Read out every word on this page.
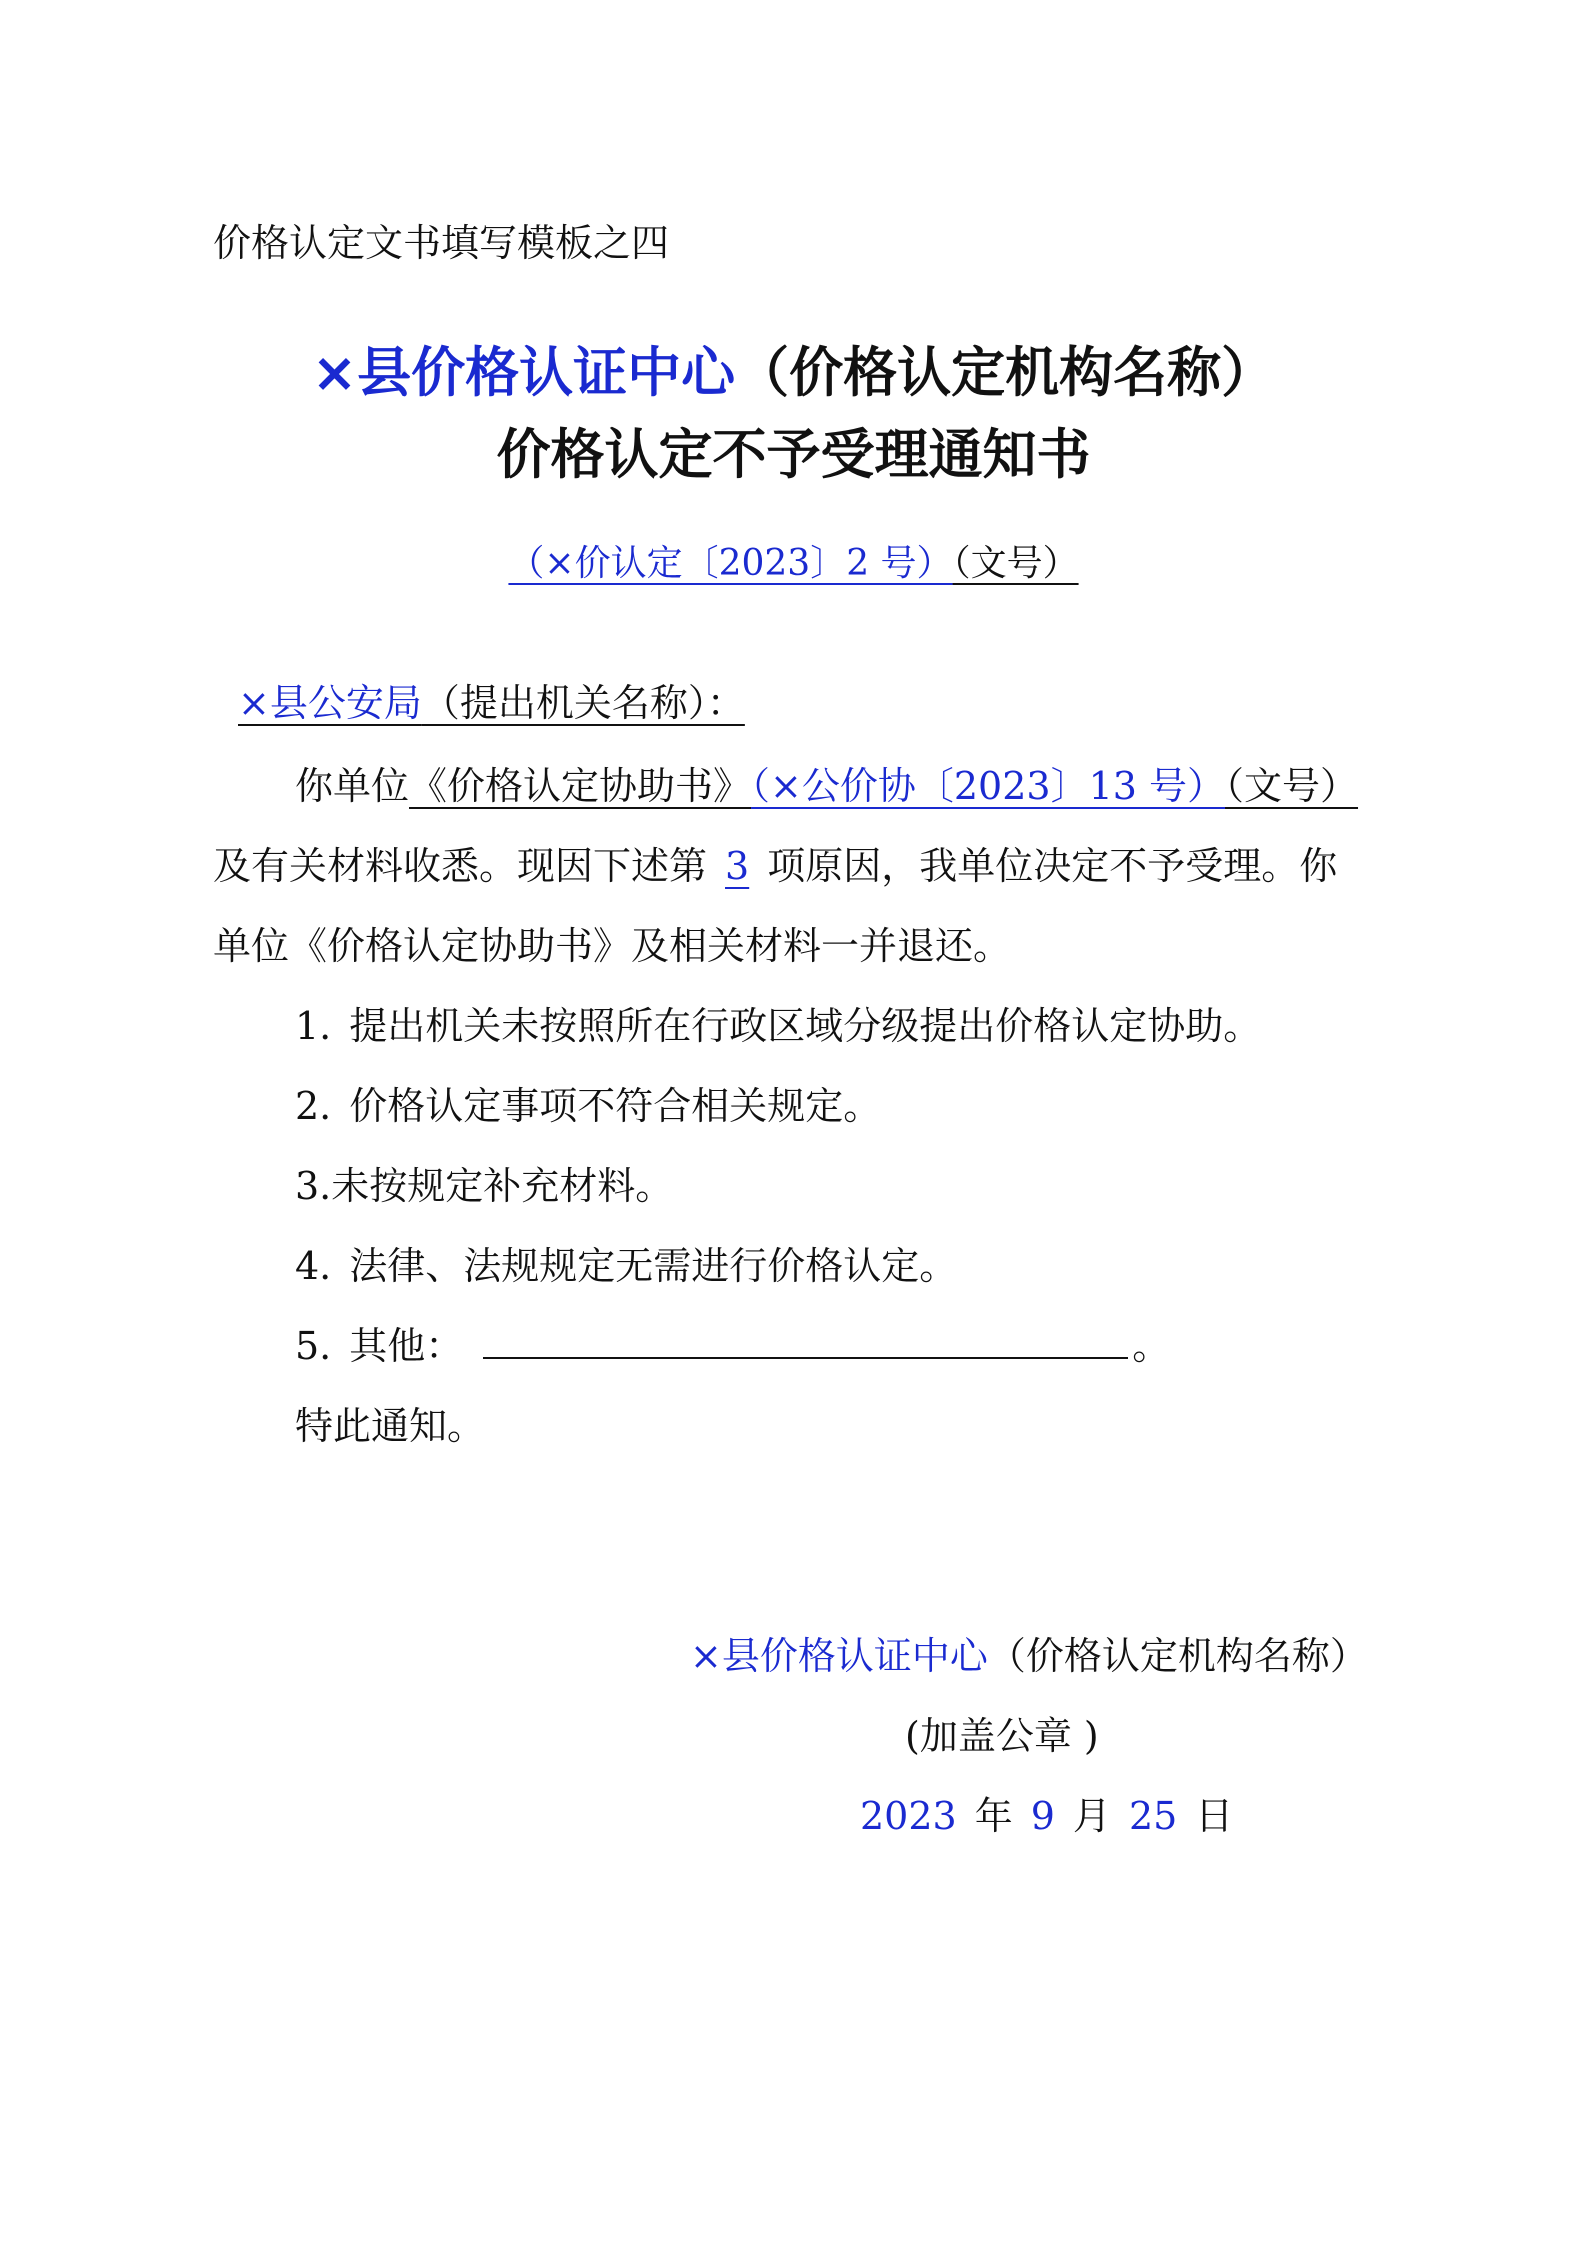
价格认定文书填写模板之四
×县价格认证中心（价格认定机构名称）
价格认定不予受理通知书
（×价认定〔2023〕2 号）（文号）
×县公安局（提出机关名称）：
你单位《价格认定协助书》（×公价协〔2023〕13 号）（文号）
及有关材料收悉。现因下述第 3 项原因，我单位决定不予受理。你
单位《价格认定协助书》及相关材料一并退还。
1. 提出机关未按照所在行政区域分级提出价格认定协助。
2. 价格认定事项不符合相关规定。
3.未按规定补充材料。
4. 法律、法规规定无需进行价格认定。
5. 其他：	。
特此通知。
×县价格认证中心（价格认定机构名称）
(加盖公章 )
2023 年 9 月 25 日
